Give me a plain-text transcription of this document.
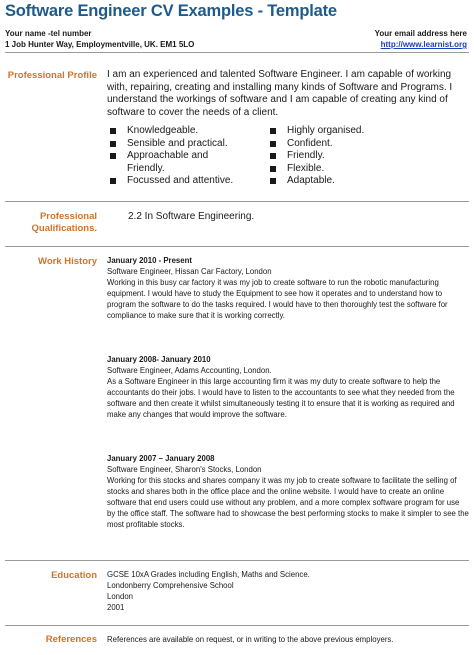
Software Engineer CV Examples - Template
Your name -tel number
1 Job Hunter Way, Employmentville, UK. EM1 5LO
Your email address here
http://www.learnist.org
Professional Profile I am an experienced and talented Software Engineer. I am capable of working with, repairing, creating and installing many kinds of Software and Programs. I understand the workings of software and I am capable of creating any kind of software to cover the needs of a client.
Knowledgeable.
Sensible and practical.
Approachable and Friendly.
Focussed and attentive.
Highly organised.
Confident.
Friendly.
Flexible.
Adaptable.
Professional
Qualifications.
2.2 In Software Engineering.
Work History January 2010 - Present
Software Engineer, Hissan Car Factory, London
Working in this busy car factory it was my job to create software to run the robotic manufacturing equipment. I would have to study the Equipment to see how it operates and to understand how to program the software to do the tasks required. I would have to then thoroughly test the software for compliance to make sure that it is working correctly.
January 2008- January 2010
Software Engineer, Adams Accounting, London.
As a Software Engineer in this large accounting firm it was my duty to create software to help the accountants do their jobs. I would have to listen to the accountants to see what they needed from the software and then create it whilst simultaneously testing it to ensure that it is working as required and make any changes that would improve the software.
January 2007 – January 2008
Software Engineer, Sharon's Stocks, London
Working for this stocks and shares company it was my job to create software to facilitate the selling of stocks and shares both in the office place and the online website. I would have to create an online software that end users could use without any problem, and a more complex software program for use by the office staff. The software had to showcase the best performing stocks to make it simpler to see the most profitable stocks.
Education GCSE 10xA Grades including English, Maths and Science.
Londonberry Comprehensive School
London
2001
References References are available on request, or in writing to the above previous employers.
